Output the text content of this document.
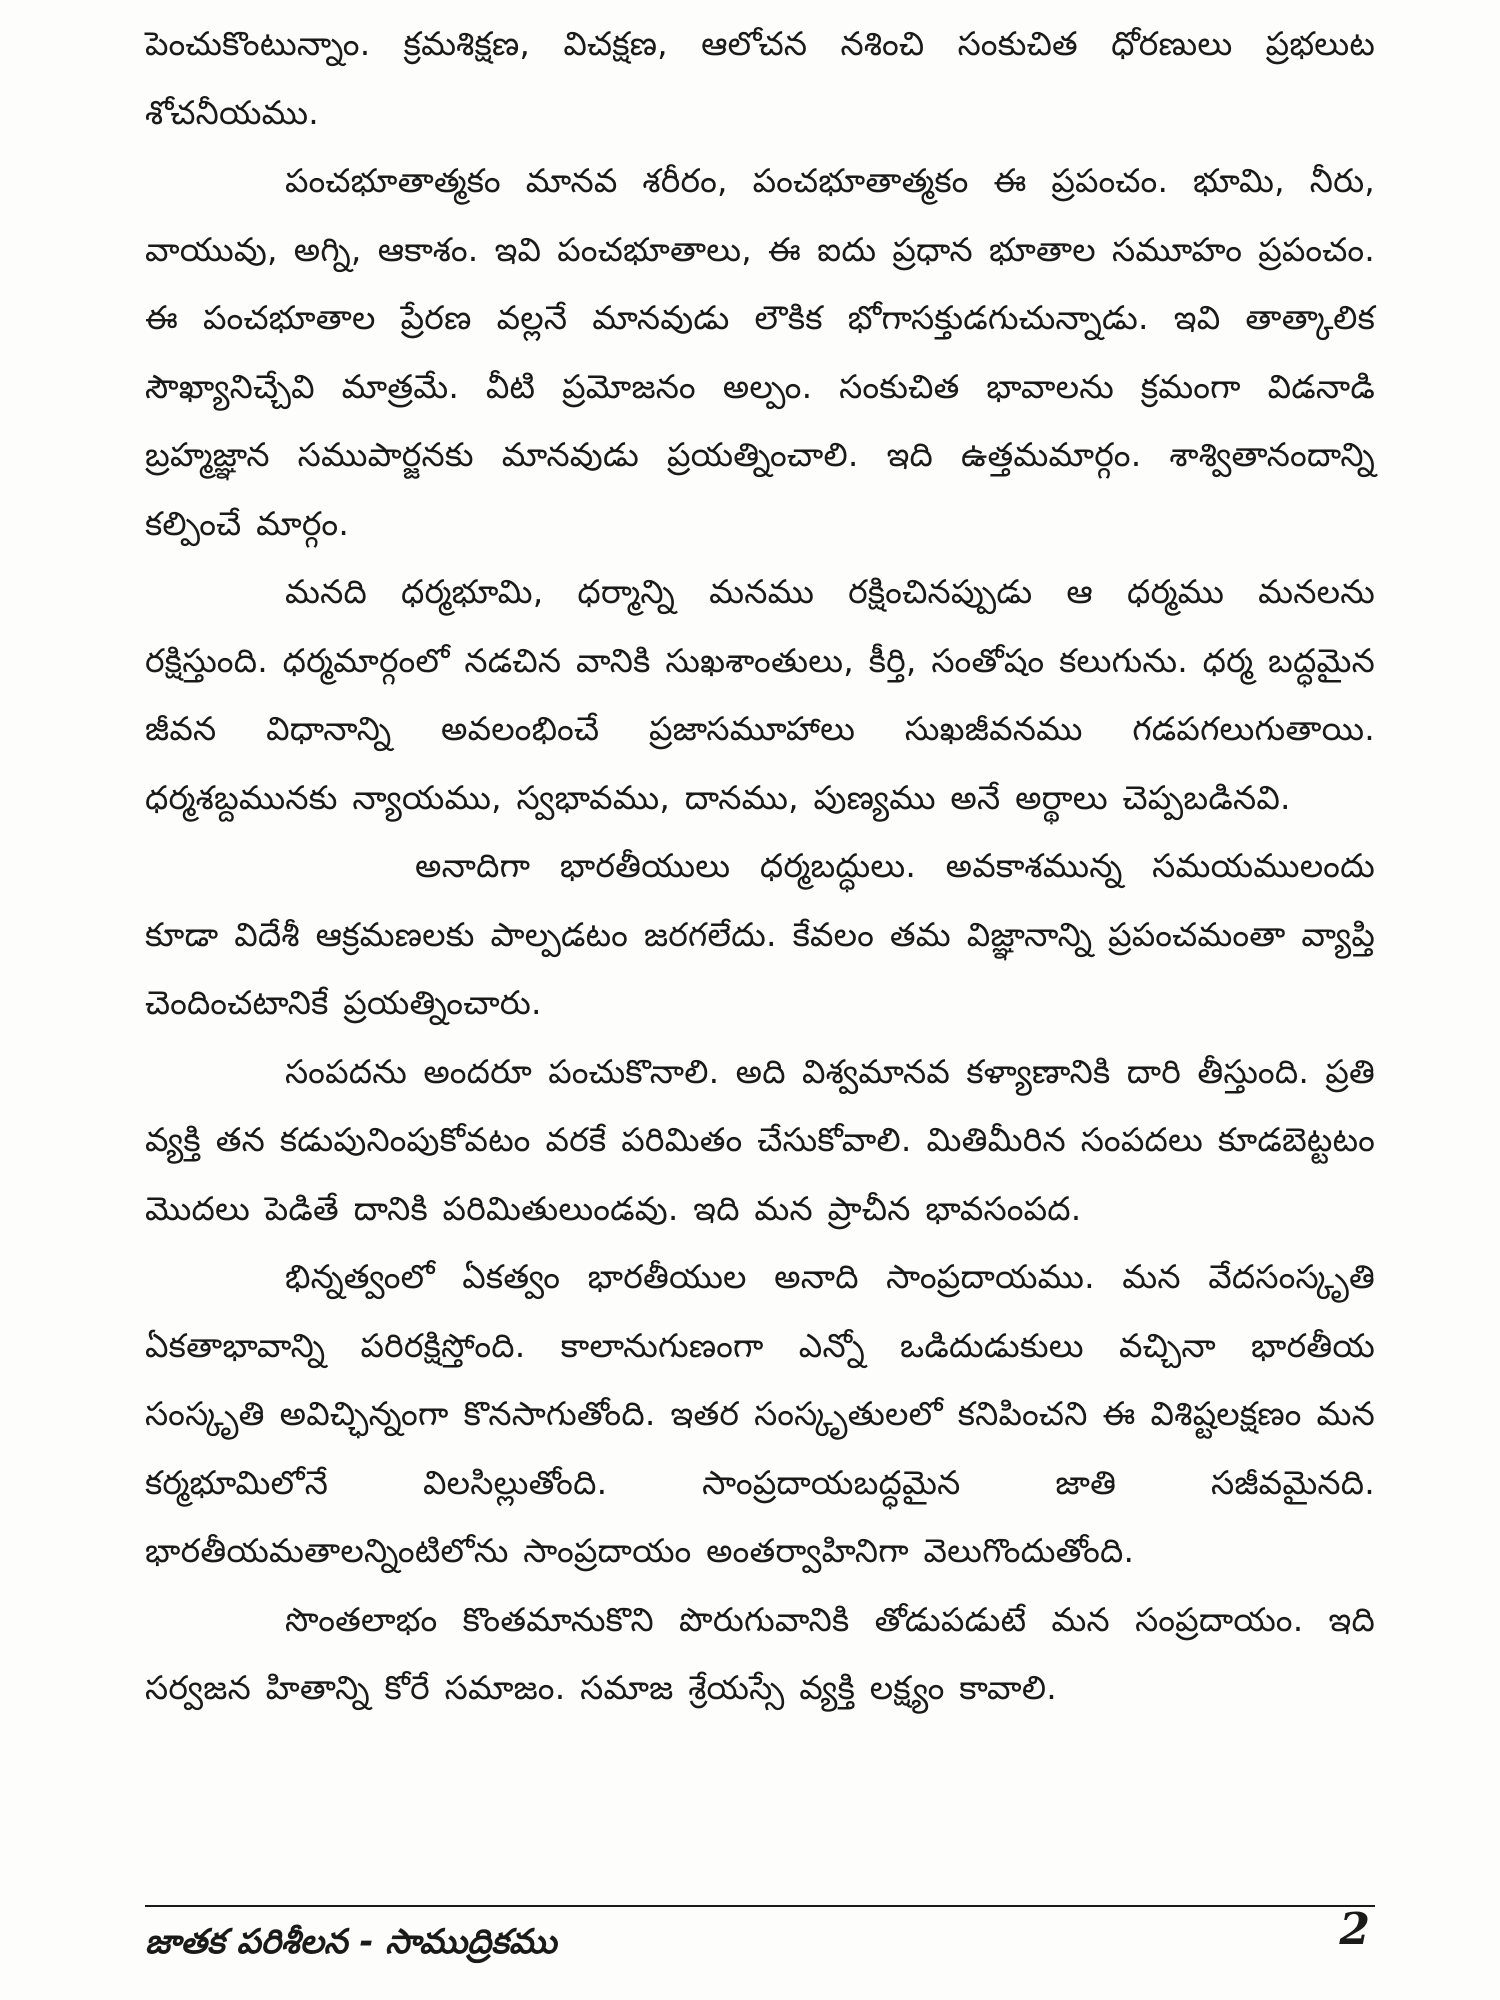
పెంచుకొంటున్నాం. క్రమశిక్షణ, విచక్షణ, ఆలోచన నశించి సంకుచిత ధోరణులు ప్రభలుట శోచనీయము.

పంచభూతాత్మకం మానవ శరీరం, పంచభూతాత్మకం ఈ ప్రపంచం. భూమి, నీరు, వాయువు, అగ్ని, ఆకాశం. ఇవి పంచభూతాలు, ఈ ఐదు ప్రధాన భూతాల సమూహం ప్రపంచం. ఈ పంచభూతాల ప్రేరణ వల్లనే మానవుడు లౌకిక భోగాసక్తుడగుచున్నాడు. ఇవి తాత్కాలిక సౌఖ్యానిచ్చేవి మాత్రమే. వీటి ప్రమోజనం అల్పం. సంకుచిత భావాలను క్రమంగా విడనాడి బ్రహ్మజ్ఞాన సముపార్జనకు మానవుడు ప్రయత్నించాలి. ఇది ఉత్తమమార్గం. శాశ్వితానందాన్ని కల్పించే మార్గం.

మనది ధర్మభూమి, ధర్మాన్ని మనము రక్షించినప్పుడు ఆ ధర్మము మనలను రక్షిస్తుంది. ధర్మమార్గంలో నడచిన వానికి సుఖశాంతులు, కీర్తి, సంతోషం కలుగును. ధర్మ బద్ధమైన జీవన విధానాన్ని అవలంభించే ప్రజాసమూహాలు సుఖజీవనము గడపగలుగుతాయి. ధర్మశబ్దమునకు న్యాయము, స్వభావము, దానము, పుణ్యము అనే అర్థాలు చెప్పబడినవి.

అనాదిగా భారతీయులు ధర్మబద్ధులు. అవకాశమున్న సమయములందు కూడా విదేశీ ఆక్రమణలకు పాల్పడటం జరగలేదు. కేవలం తమ విజ్ఞానాన్ని ప్రపంచమంతా వ్యాప్తి చెందించటానికే ప్రయత్నించారు.

సంపదను అందరూ పంచుకొనాలి. అది విశ్వమానవ కళ్యాణానికి దారి తీస్తుంది. ప్రతి వ్యక్తి తన కడుపునింపుకోవటం వరకే పరిమితం చేసుకోవాలి. మితిమీరిన సంపదలు కూడబెట్టటం మొదలు పెడితే దానికి పరిమితులుండవు. ఇది మన ప్రాచీన భావసంపద.

భిన్నత్వంలో ఏకత్వం భారతీయుల అనాది సాంప్రదాయము. మన వేదసంస్కృతి ఏకతాభావాన్ని పరిరక్షిస్తోంది. కాలానుగుణంగా ఎన్నో ఒడిదుడుకులు వచ్చినా భారతీయ సంస్కృతి అవిచ్ఛిన్నంగా కొనసాగుతోంది. ఇతర సంస్కృతులలో కనిపించని ఈ విశిష్టలక్షణం మన కర్మభూమిలోనే విలసిల్లుతోంది. సాంప్రదాయబద్ధమైన జాతి సజీవమైనది. భారతీయమతాలన్నింటిలోను సాంప్రదాయం అంతర్వాహినిగా వెలుగొందుతోంది.

సొంతలాభం కొంతమానుకొని పొరుగువానికి తోడుపడుటే మన సంప్రదాయం. ఇది సర్వజన హితాన్ని కోరే సమాజం. సమాజ శ్రేయస్సే వ్యక్తి లక్ష్యం కావాలి.

జాతక పరిశీలన - సాముద్రికము	2
